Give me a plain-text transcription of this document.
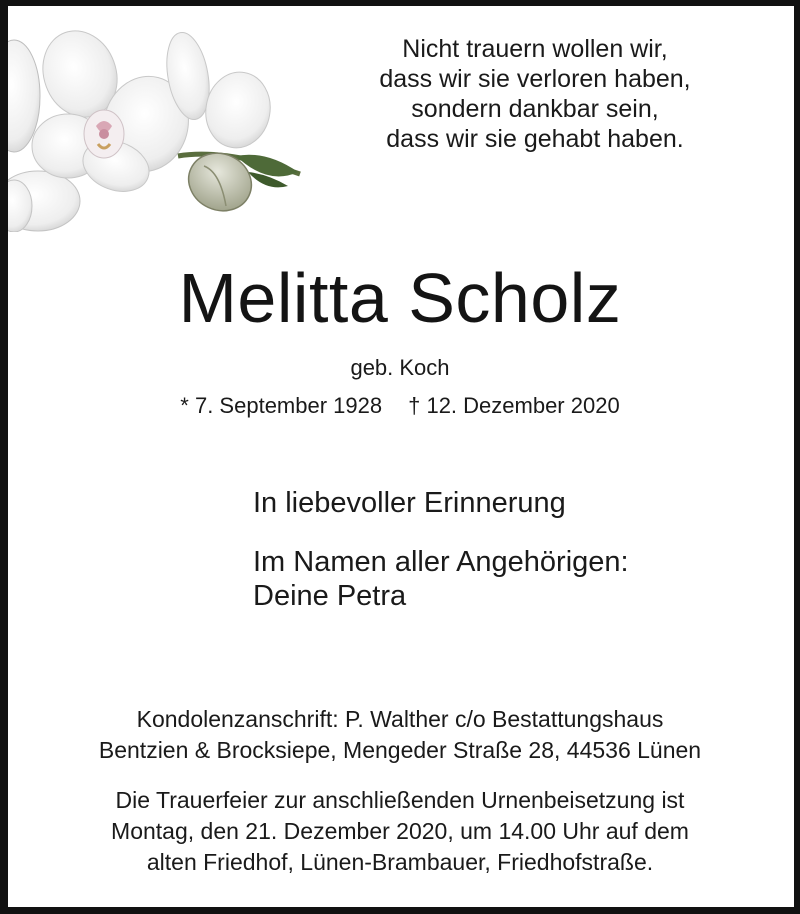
Nicht trauern wollen wir,
dass wir sie verloren haben,
sondern dankbar sein,
dass wir sie gehabt haben.
Melitta Scholz
geb. Koch
* 7. September 1928 † 12. Dezember 2020
In liebevoller Erinnerung
Im Namen aller Angehörigen:
Deine Petra
Kondolenzanschrift: P. Walther c/o Bestattungshaus
Bentzien & Brocksiepe, Mengeder Straße 28, 44536 Lünen
Die Trauerfeier zur anschließenden Urnenbeisetzung ist
Montag, den 21. Dezember 2020, um 14.00 Uhr auf dem
alten Friedhof, Lünen-Brambauer, Friedhofstraße.
